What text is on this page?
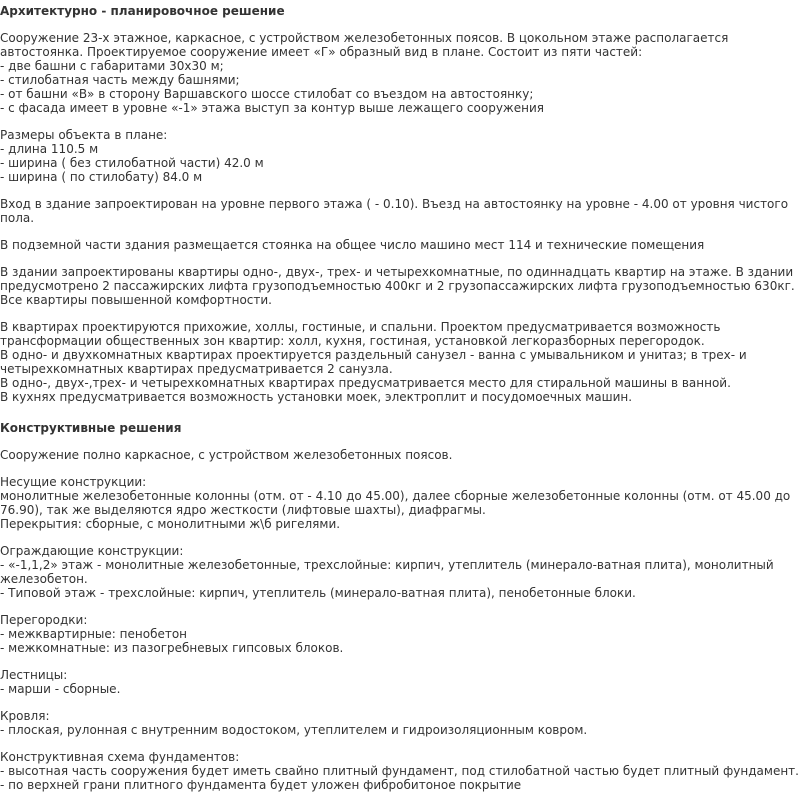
Архитектурно - планировочное решение
Сооружение 23-х этажное, каркасное, с устройством железобетонных поясов. В цокольном этаже располагается
автостоянка. Проектируемое сооружение имеет «Г» образный вид в плане. Состоит из пяти частей:
- две башни с габаритами 30х30 м;
- стилобатная часть между башнями;
- от башни «В» в сторону Варшавского шоссе стилобат со въездом на автостоянку;
- с фасада имеет в уровне «-1» этажа выступ за контур выше лежащего сооружения
Размеры объекта в плане:
- длина 110.5 м
- ширина ( без стилобатной части) 42.0 м
- ширина ( по стилобату) 84.0 м
Вход в здание запроектирован на уровне первого этажа ( - 0.10). Въезд на автостоянку на уровне - 4.00 от уровня чистого
пола.
В подземной части здания размещается стоянка на общее число машино мест 114 и технические помещения
В здании запроектированы квартиры одно-, двух-, трех- и четырехкомнатные, по одиннадцать квартир на этаже. В здании
предусмотрено 2 пассажирских лифта грузоподъемностью 400кг и 2 грузопассажирских лифта грузоподъемностью 630кг.
Все квартиры повышенной комфортности.
В квартирах проектируются прихожие, холлы, гостиные, и спальни. Проектом предусматривается возможность
трансформации общественных зон квартир: холл, кухня, гостиная, установкой легкоразборных перегородок.
В одно- и двухкомнатных квартирах проектируется раздельный санузел - ванна с умывальником и унитаз; в трех- и
четырехкомнатных квартирах предусматривается 2 санузла.
В одно-, двух-,трех- и четырехкомнатных квартирах предусматривается место для стиральной машины в ванной.
В кухнях предусматривается возможность установки моек, электроплит и посудомоечных машин.
Конструктивные решения
Сооружение полно каркасное, с устройством железобетонных поясов.
Несущие конструкции:
монолитные железобетонные колонны (отм. от - 4.10 до 45.00), далее сборные железобетонные колонны (отм. от 45.00 до
76.90), так же выделяются ядро жесткости (лифтовые шахты), диафрагмы.
Перекрытия: сборные, с монолитными ж\б ригелями.
Ограждающие конструкции:
- «-1,1,2» этаж - монолитные железобетонные, трехслойные: кирпич, утеплитель (минерало-ватная плита), монолитный
железобетон.
- Типовой этаж - трехслойные: кирпич, утеплитель (минерало-ватная плита), пенобетонные блоки.
Перегородки:
- межквартирные: пенобетон
- межкомнатные: из пазогребневых гипсовых блоков.
Лестницы:
- марши - сборные.
Кровля:
- плоская, рулонная с внутренним водостоком, утеплителем и гидроизоляционным ковром.
Конструктивная схема фундаментов:
- высотная часть сооружения будет иметь свайно плитный фундамент, под стилобатной частью будет плитный фундамент.
- по верхней грани плитного фундамента будет уложен фибробитоное покрытие
